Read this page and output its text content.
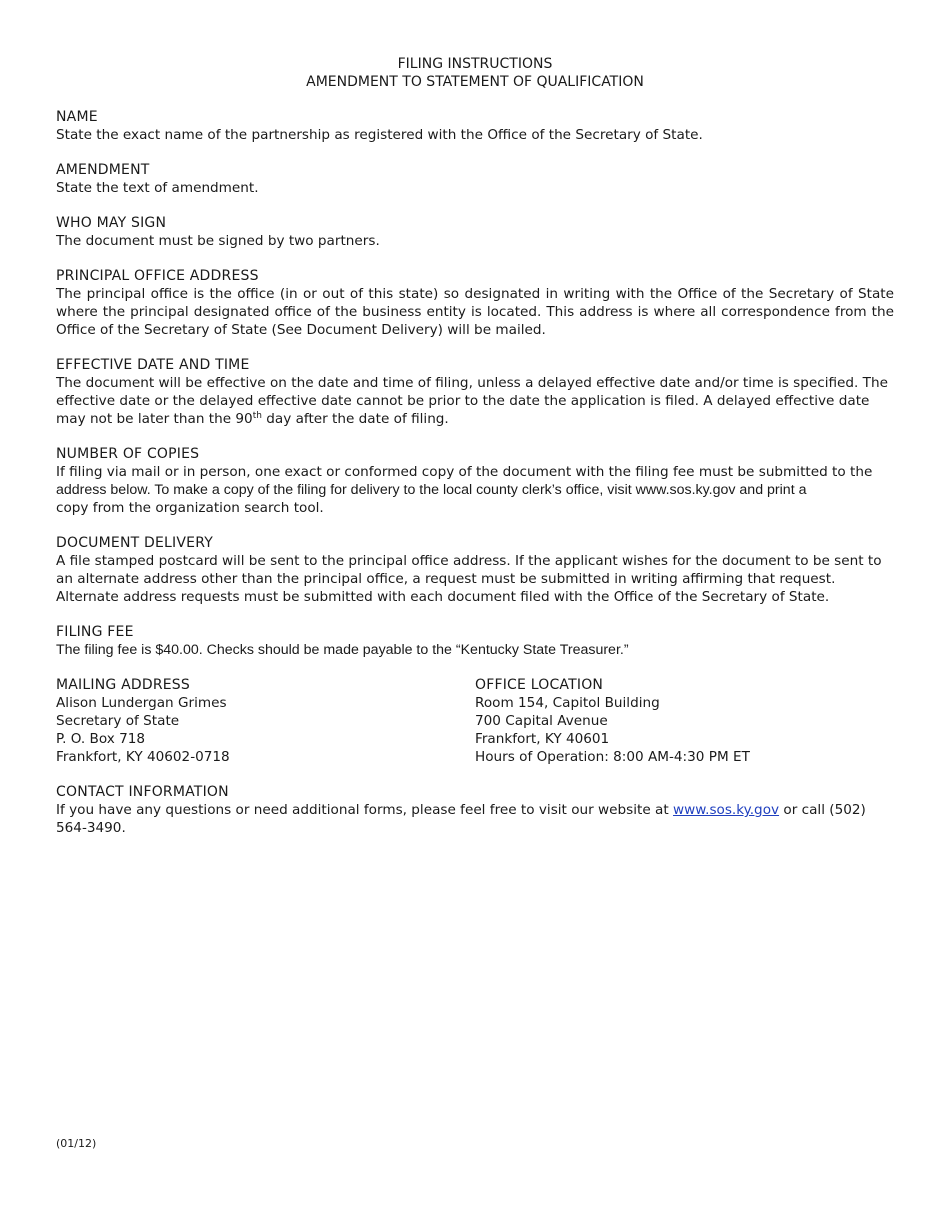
FILING INSTRUCTIONS
AMENDMENT TO STATEMENT OF QUALIFICATION
NAME

State the exact name of the partnership as registered with the Office of the Secretary of State.

AMENDMENT

State the text of amendment.

WHO MAY SIGN

The document must be signed by two partners.

PRINCIPAL OFFICE ADDRESS

The principal office is the office (in or out of this state) so designated in writing with the Office of the Secretary of State where the principal designated office of the business entity is located. This address is where all correspondence from the Office of the Secretary of State (See Document Delivery) will be mailed.

EFFECTIVE DATE AND TIME

The document will be effective on the date and time of filing, unless a delayed effective date and/or time is specified. The effective date or the delayed effective date cannot be prior to the date the application is filed. A delayed effective date may not be later than the 90th day after the date of filing.

NUMBER OF COPIES
If filing via mail or in person, one exact or conformed copy of the document with the filing fee must be submitted to the
address below. To make a copy of the filing for delivery to the local county clerk’s office, visit www.sos.ky.gov and print a
copy from the organization search tool.
DOCUMENT DELIVERY

A file stamped postcard will be sent to the principal office address. If the applicant wishes for the document to be sent to an alternate address other than the principal office, a request must be submitted in writing affirming that request. Alternate address requests must be submitted with each document filed with the Office of the Secretary of State.

FILING FEE

The filing fee is $40.00. Checks should be made payable to the “Kentucky State Treasurer.”

MAILING ADDRESS
Alison Lundergan Grimes
Secretary of State
P. O. Box 718
Frankfort, KY 40602-0718
OFFICE LOCATION
Room 154, Capitol Building
700 Capital Avenue
Frankfort, KY 40601
Hours of Operation: 8:00 AM-4:30 PM ET
CONTACT INFORMATION

If you have any questions or need additional forms, please feel free to visit our website at www.sos.ky.gov or call (502) 564-3490.

(01/12)
